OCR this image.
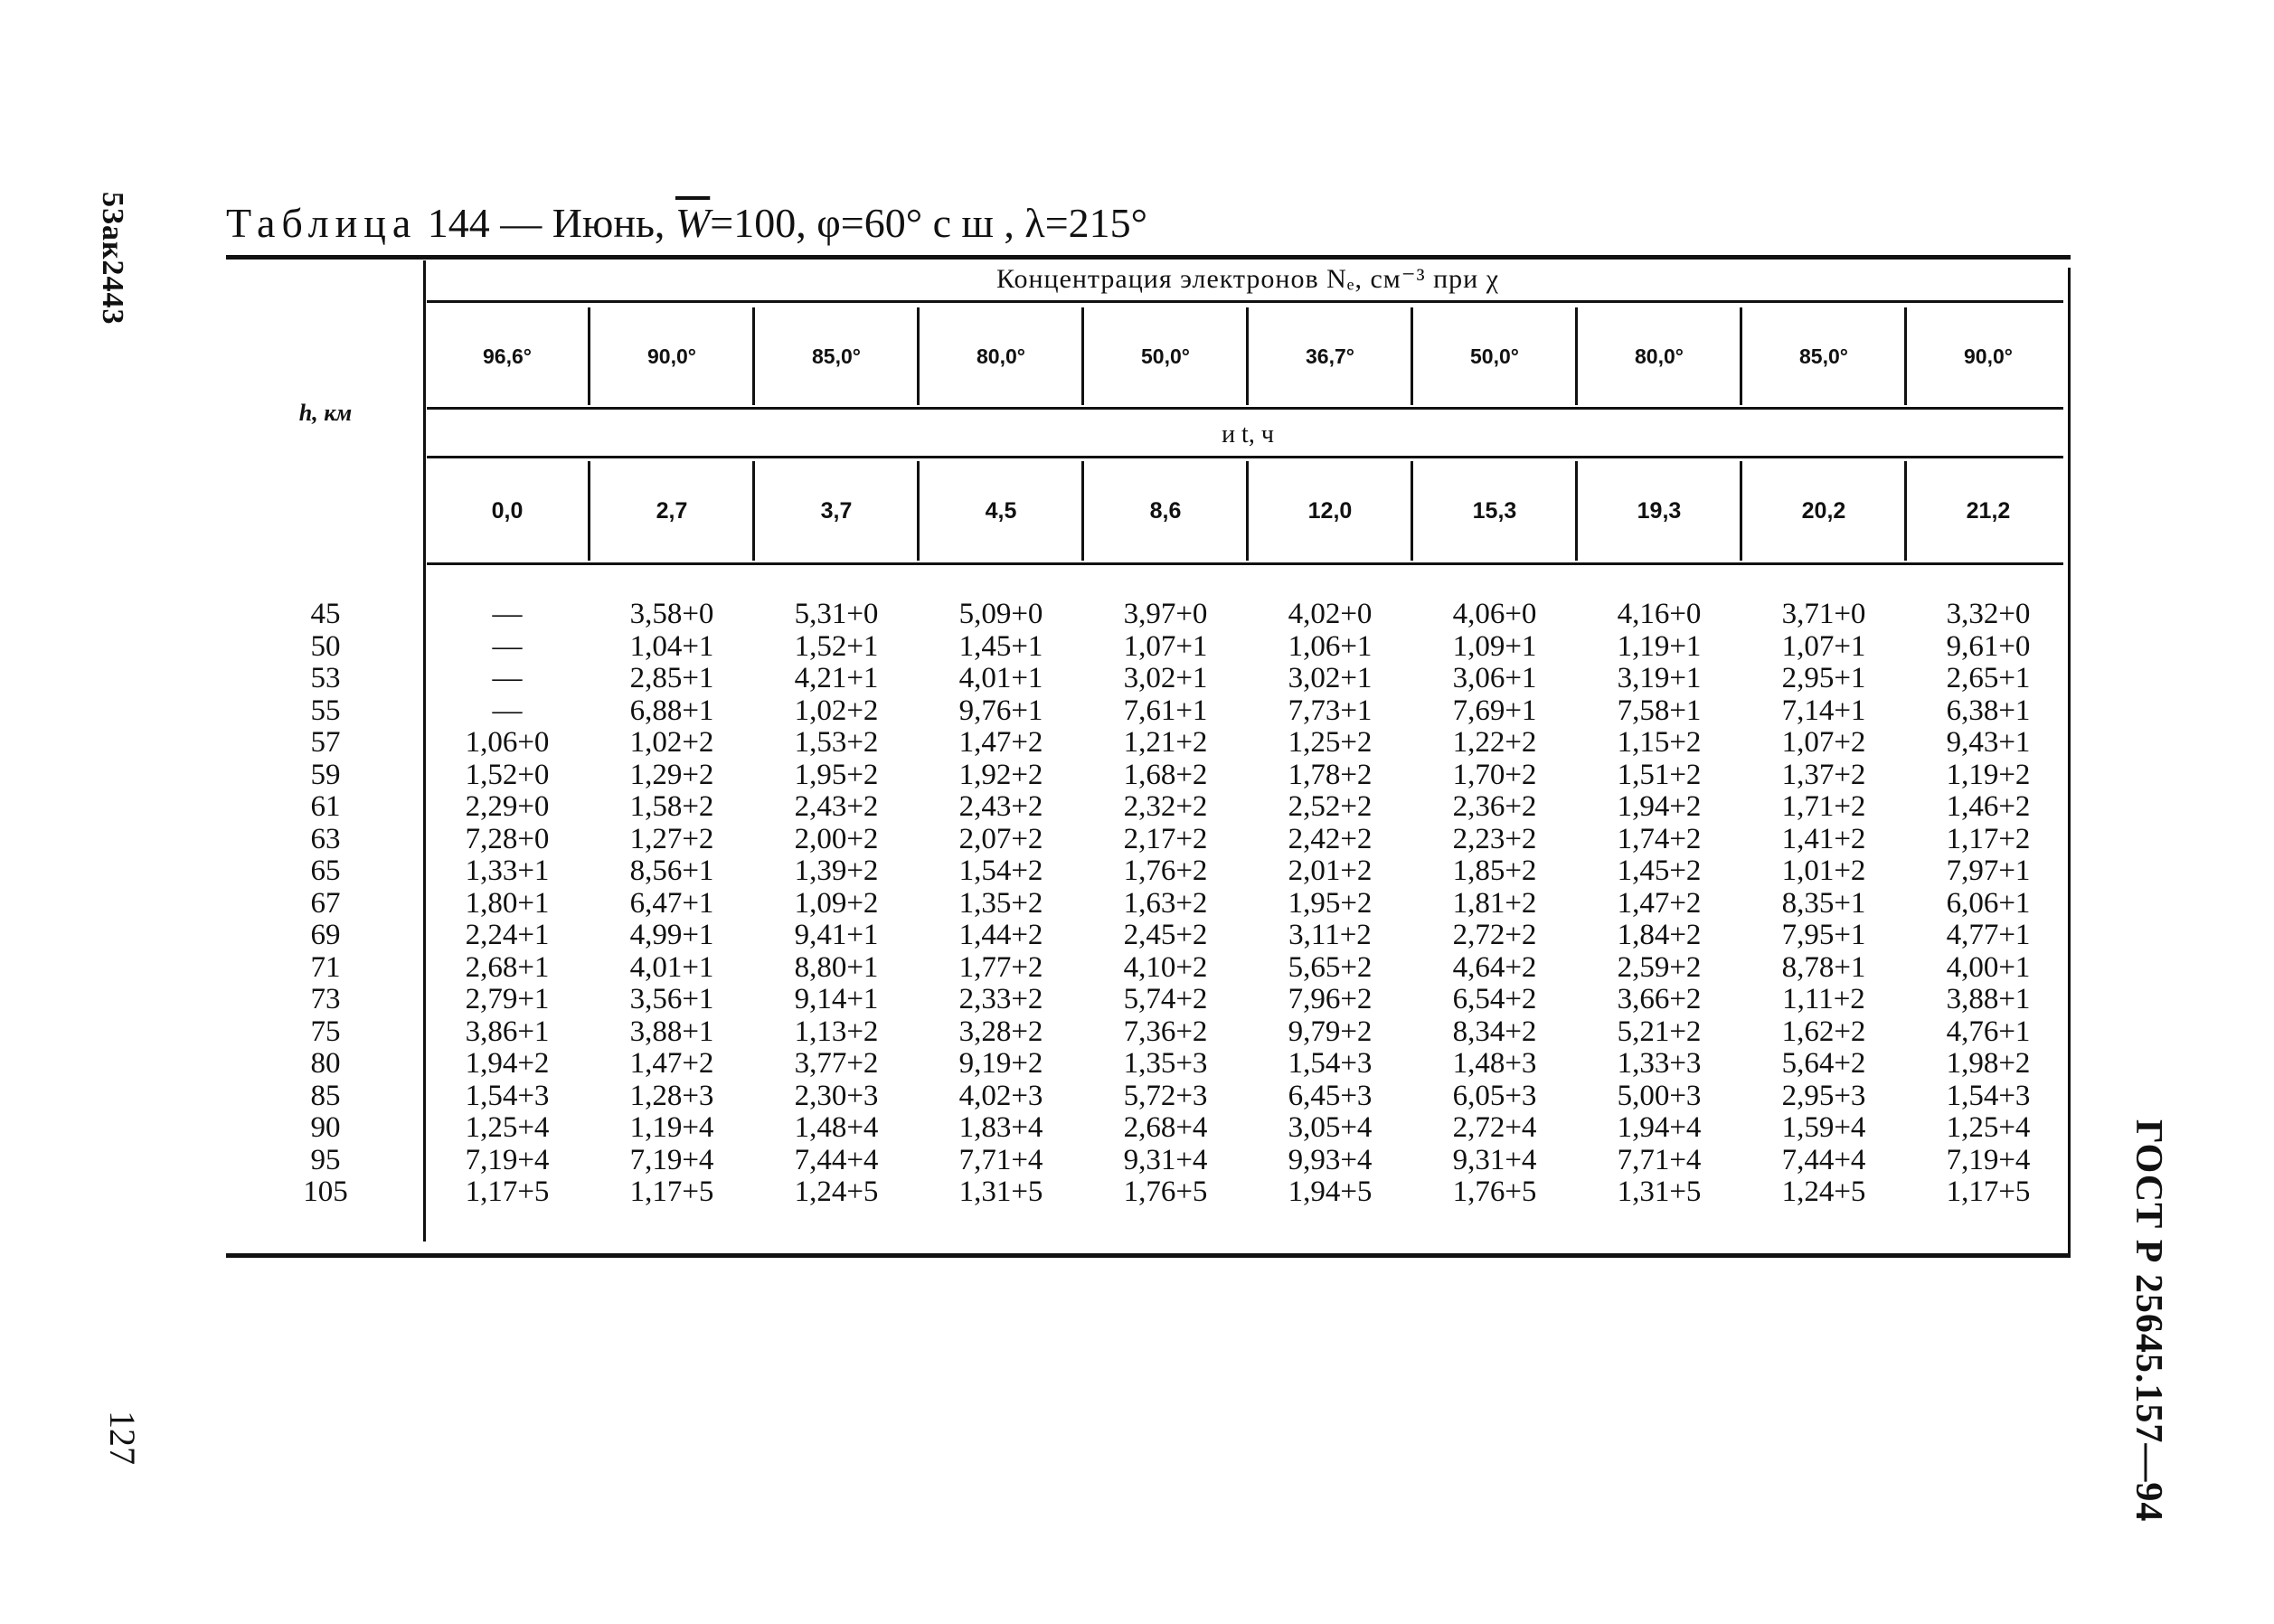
5Зак2443
127	ГОСТ Р 25645.157—94
Таблица 144 — Июнь, $\overline{W}=100$, φ=60° с ш , λ=215°
h, км
Концентрация электронов Nₑ, см⁻³ при χ
и t, ч
96,6°	90,0°	85,0°	80,0°	50,0°	36,7°	50,0°	80,0°	85,0°	90,0°
0,0	2,7	3,7	4,5	8,6	12,0	15,3	19,3	20,2	21,2
45	—	3,58+0	5,31+0	5,09+0	3,97+0	4,02+0	4,06+0	4,16+0	3,71+0	3,32+0
50	—	1,04+1	1,52+1	1,45+1	1,07+1	1,06+1	1,09+1	1,19+1	1,07+1	9,61+0
53	—	2,85+1	4,21+1	4,01+1	3,02+1	3,02+1	3,06+1	3,19+1	2,95+1	2,65+1
55	—	6,88+1	1,02+2	9,76+1	7,61+1	7,73+1	7,69+1	7,58+1	7,14+1	6,38+1
57	1,06+0	1,02+2	1,53+2	1,47+2	1,21+2	1,25+2	1,22+2	1,15+2	1,07+2	9,43+1
59	1,52+0	1,29+2	1,95+2	1,92+2	1,68+2	1,78+2	1,70+2	1,51+2	1,37+2	1,19+2
61	2,29+0	1,58+2	2,43+2	2,43+2	2,32+2	2,52+2	2,36+2	1,94+2	1,71+2	1,46+2
63	7,28+0	1,27+2	2,00+2	2,07+2	2,17+2	2,42+2	2,23+2	1,74+2	1,41+2	1,17+2
65	1,33+1	8,56+1	1,39+2	1,54+2	1,76+2	2,01+2	1,85+2	1,45+2	1,01+2	7,97+1
67	1,80+1	6,47+1	1,09+2	1,35+2	1,63+2	1,95+2	1,81+2	1,47+2	8,35+1	6,06+1
69	2,24+1	4,99+1	9,41+1	1,44+2	2,45+2	3,11+2	2,72+2	1,84+2	7,95+1	4,77+1
71	2,68+1	4,01+1	8,80+1	1,77+2	4,10+2	5,65+2	4,64+2	2,59+2	8,78+1	4,00+1
73	2,79+1	3,56+1	9,14+1	2,33+2	5,74+2	7,96+2	6,54+2	3,66+2	1,11+2	3,88+1
75	3,86+1	3,88+1	1,13+2	3,28+2	7,36+2	9,79+2	8,34+2	5,21+2	1,62+2	4,76+1
80	1,94+2	1,47+2	3,77+2	9,19+2	1,35+3	1,54+3	1,48+3	1,33+3	5,64+2	1,98+2
85	1,54+3	1,28+3	2,30+3	4,02+3	5,72+3	6,45+3	6,05+3	5,00+3	2,95+3	1,54+3
90	1,25+4	1,19+4	1,48+4	1,83+4	2,68+4	3,05+4	2,72+4	1,94+4	1,59+4	1,25+4
95	7,19+4	7,19+4	7,44+4	7,71+4	9,31+4	9,93+4	9,31+4	7,71+4	7,44+4	7,19+4
105	1,17+5	1,17+5	1,24+5	1,31+5	1,76+5	1,94+5	1,76+5	1,31+5	1,24+5	1,17+5
